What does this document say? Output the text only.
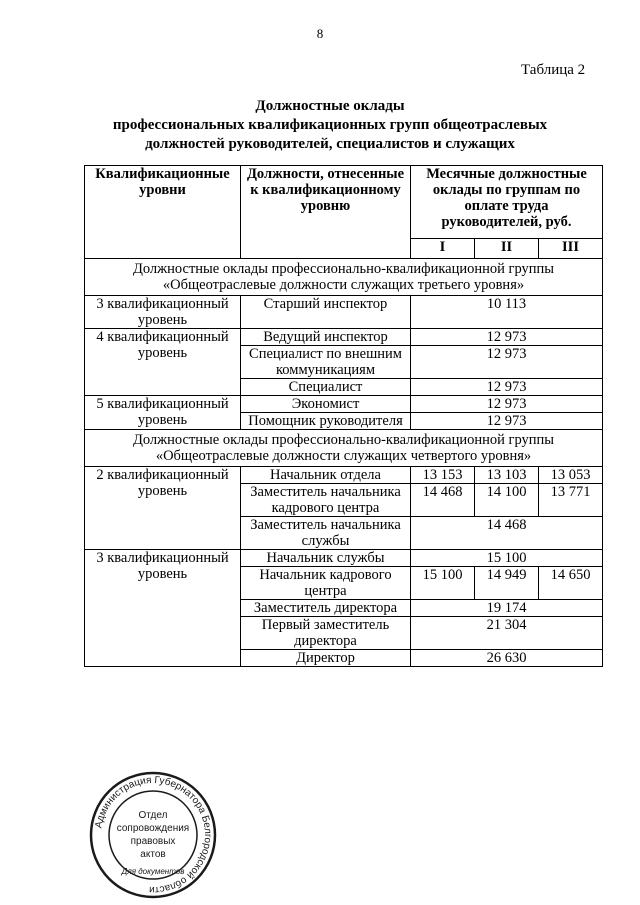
8
Таблица 2
Должностные оклады
профессиональных квалификационных групп общеотраслевых
должностей руководителей, специалистов и служащих
Квалификационные уровни	Должности, отнесенные к квалификационному уровню	Месячные должностные оклады по группам по оплате труда руководителей, руб.		
		I	II	III
Должностные оклады профессионально-квалификационной группы «Общеотраслевые должности служащих третьего уровня»				
3 квалификационный уровень	Старший инспектор	10 113		
4 квалификационный уровень	Ведущий инспектор	12 973		
	Специалист по внешним коммуникациям	12 973		
	Специалист	12 973		
5 квалификационный уровень	Экономист	12 973		
	Помощник руководителя	12 973		
Должностные оклады профессионально-квалификационной группы «Общеотраслевые должности служащих четвертого уровня»				
2 квалификационный уровень	Начальник отдела	13 153	13 103	13 053
	Заместитель начальника кадрового центра	14 468	14 100	13 771
	Заместитель начальника службы	14 468		
3 квалификационный уровень	Начальник службы	15 100		
	Начальник кадрового центра	15 100	14 949	14 650
	Заместитель директора	19 174		
	Первый заместитель директора	21 304		
	Директор	26 630		
Администрация Губернатора Белгородской области
Отдел
сопровождения
правовых
актов
Для документов
